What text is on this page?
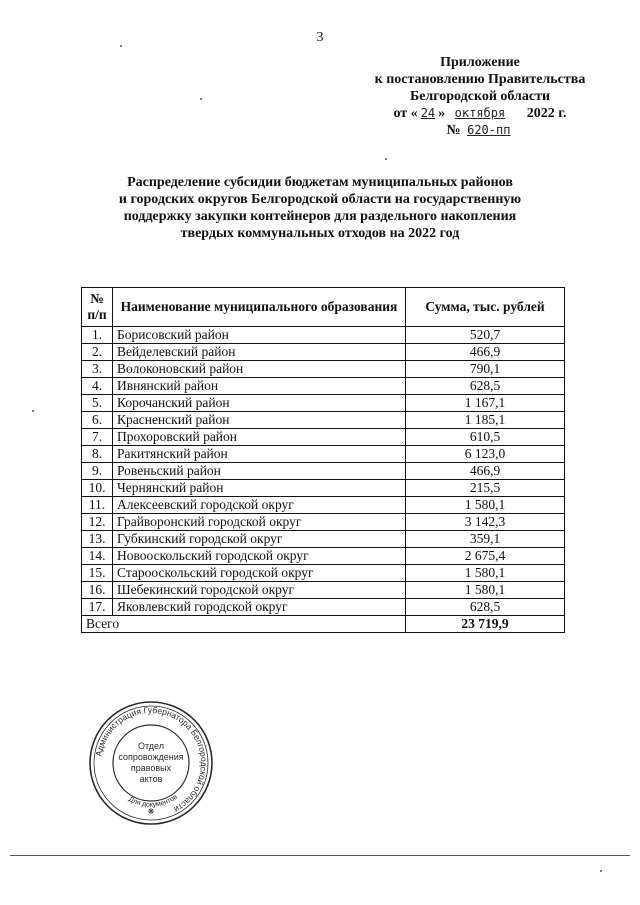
3
Приложение
к постановлению Правительства
Белгородской области
от « 24 » октября 2022 г.
№ 620-пп
Распределение субсидии бюджетам муниципальных районов
и городских округов Белгородской области на государственную
поддержку закупки контейнеров для раздельного накопления
твердых коммунальных отходов на 2022 год
№ п/п	Наименование муниципального образования	Сумма, тыс. рублей
1.	Борисовский район	520,7
2.	Вейделевский район	466,9
3.	Волоконовский район	790,1
4.	Ивнянский район	628,5
5.	Корочанский район	1 167,1
6.	Красненский район	1 185,1
7.	Прохоровский район	610,5
8.	Ракитянский район	6 123,0
9.	Ровеньский район	466,9
10.	Чернянский район	215,5
11.	Алексеевский городской округ	1 580,1
12.	Грайворонский городской округ	3 142,3
13.	Губкинский городской округ	359,1
14.	Новооскольский городской округ	2 675,4
15.	Старооскольский городской округ	1 580,1
16.	Шебекинский городской округ	1 580,1
17.	Яковлевский городской округ	628,5
Всего		23 719,9
Администрация Губернатора Белгородской области
Для документов
Отдел
сопровождения
правовых
актов
❋
